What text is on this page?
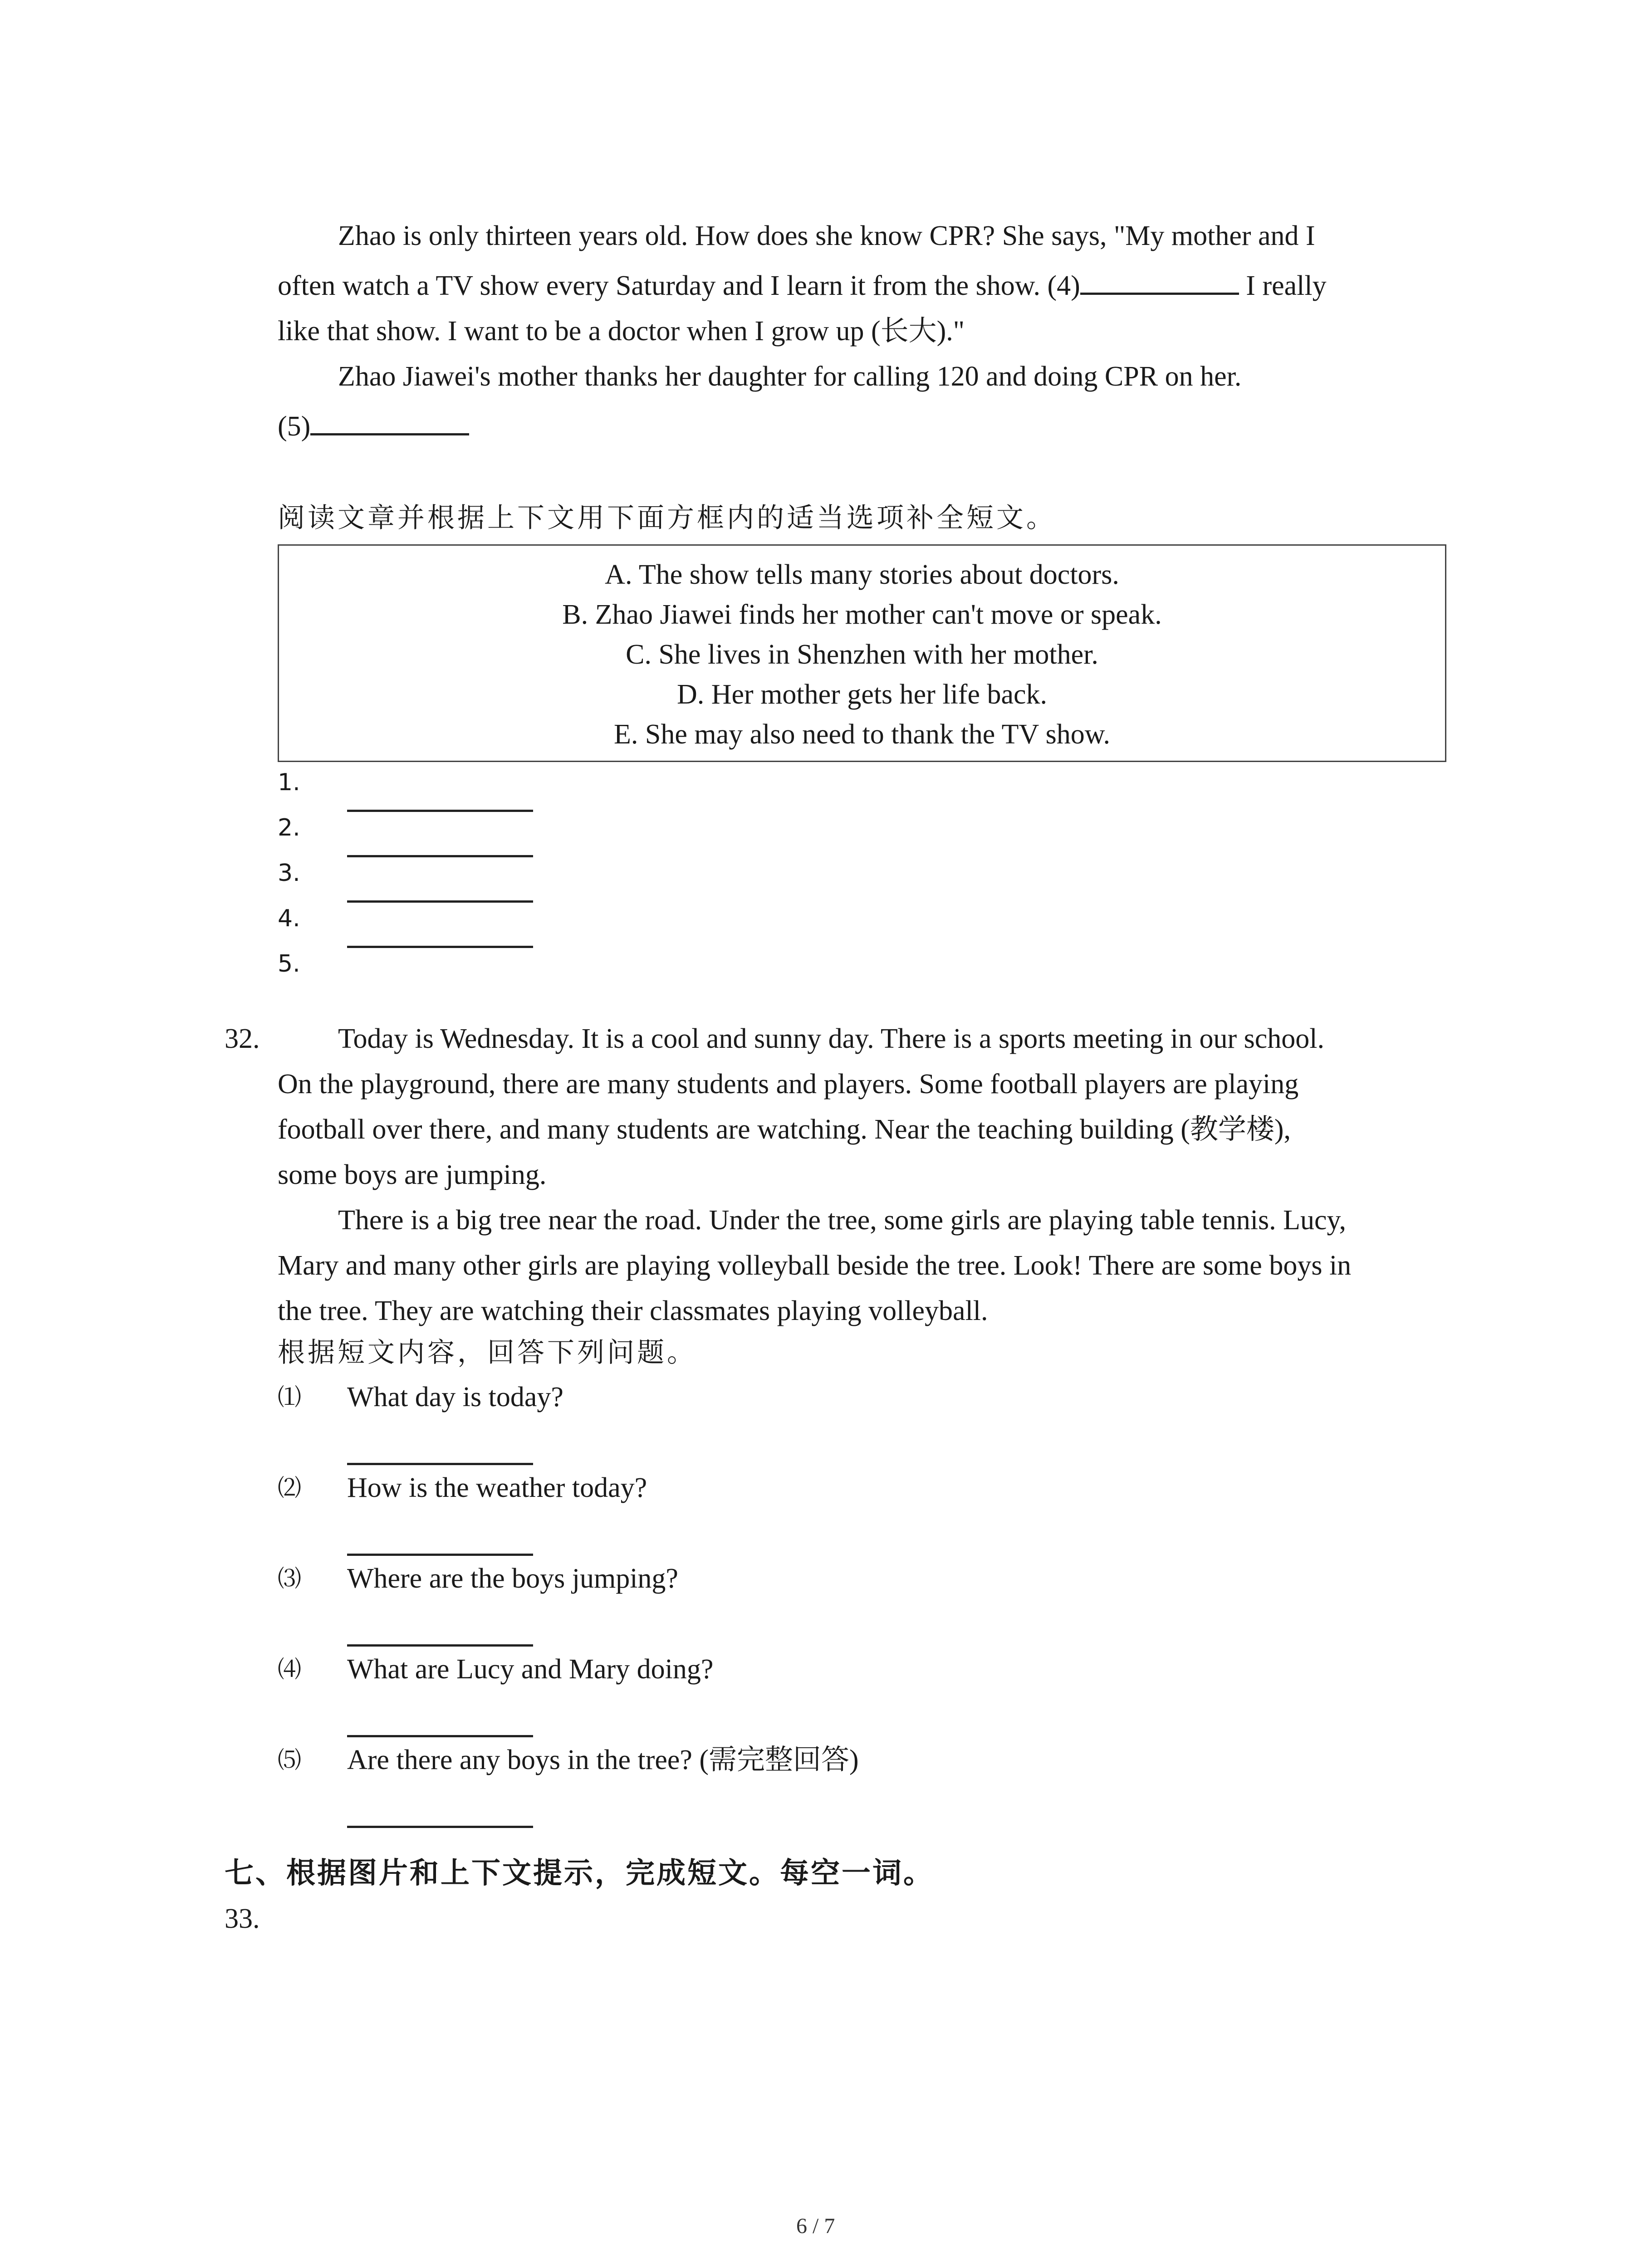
Zhao is only thirteen years old. How does she know CPR? She says, "My mother and I
often watch a TV show every Saturday and I learn it from the show. (4)	I really
like that show. I want to be a doctor when I grow up (长大)."
Zhao Jiawei's mother thanks her daughter for calling 120 and doing CPR on her.
(5)
阅读文章并根据上下文用下面方框内的适当选项补全短文。
A. The show tells many stories about doctors.
B. Zhao Jiawei finds her mother can't move or speak.
C. She lives in Shenzhen with her mother.
D. Her mother gets her life back.
E. She may also need to thank the TV show.
1.
2.
3.
4.
5.
32.	Today is Wednesday. It is a cool and sunny day. There is a sports meeting in our school.
On the playground, there are many students and players. Some football players are playing
football over there, and many students are watching. Near the teaching building (教学楼),
some boys are jumping.
There is a big tree near the road. Under the tree, some girls are playing table tennis. Lucy,
Mary and many other girls are playing volleyball beside the tree. Look! There are some boys in
the tree. They are watching their classmates playing volleyball.
根据短文内容，回答下列问题。
⑴ What day is today?
⑵ How is the weather today?
⑶ Where are the boys jumping?
⑷ What are Lucy and Mary doing?
⑸ Are there any boys in the tree? (需完整回答)
七、根据图片和上下文提示，完成短文。每空一词。
33.
6 / 7
